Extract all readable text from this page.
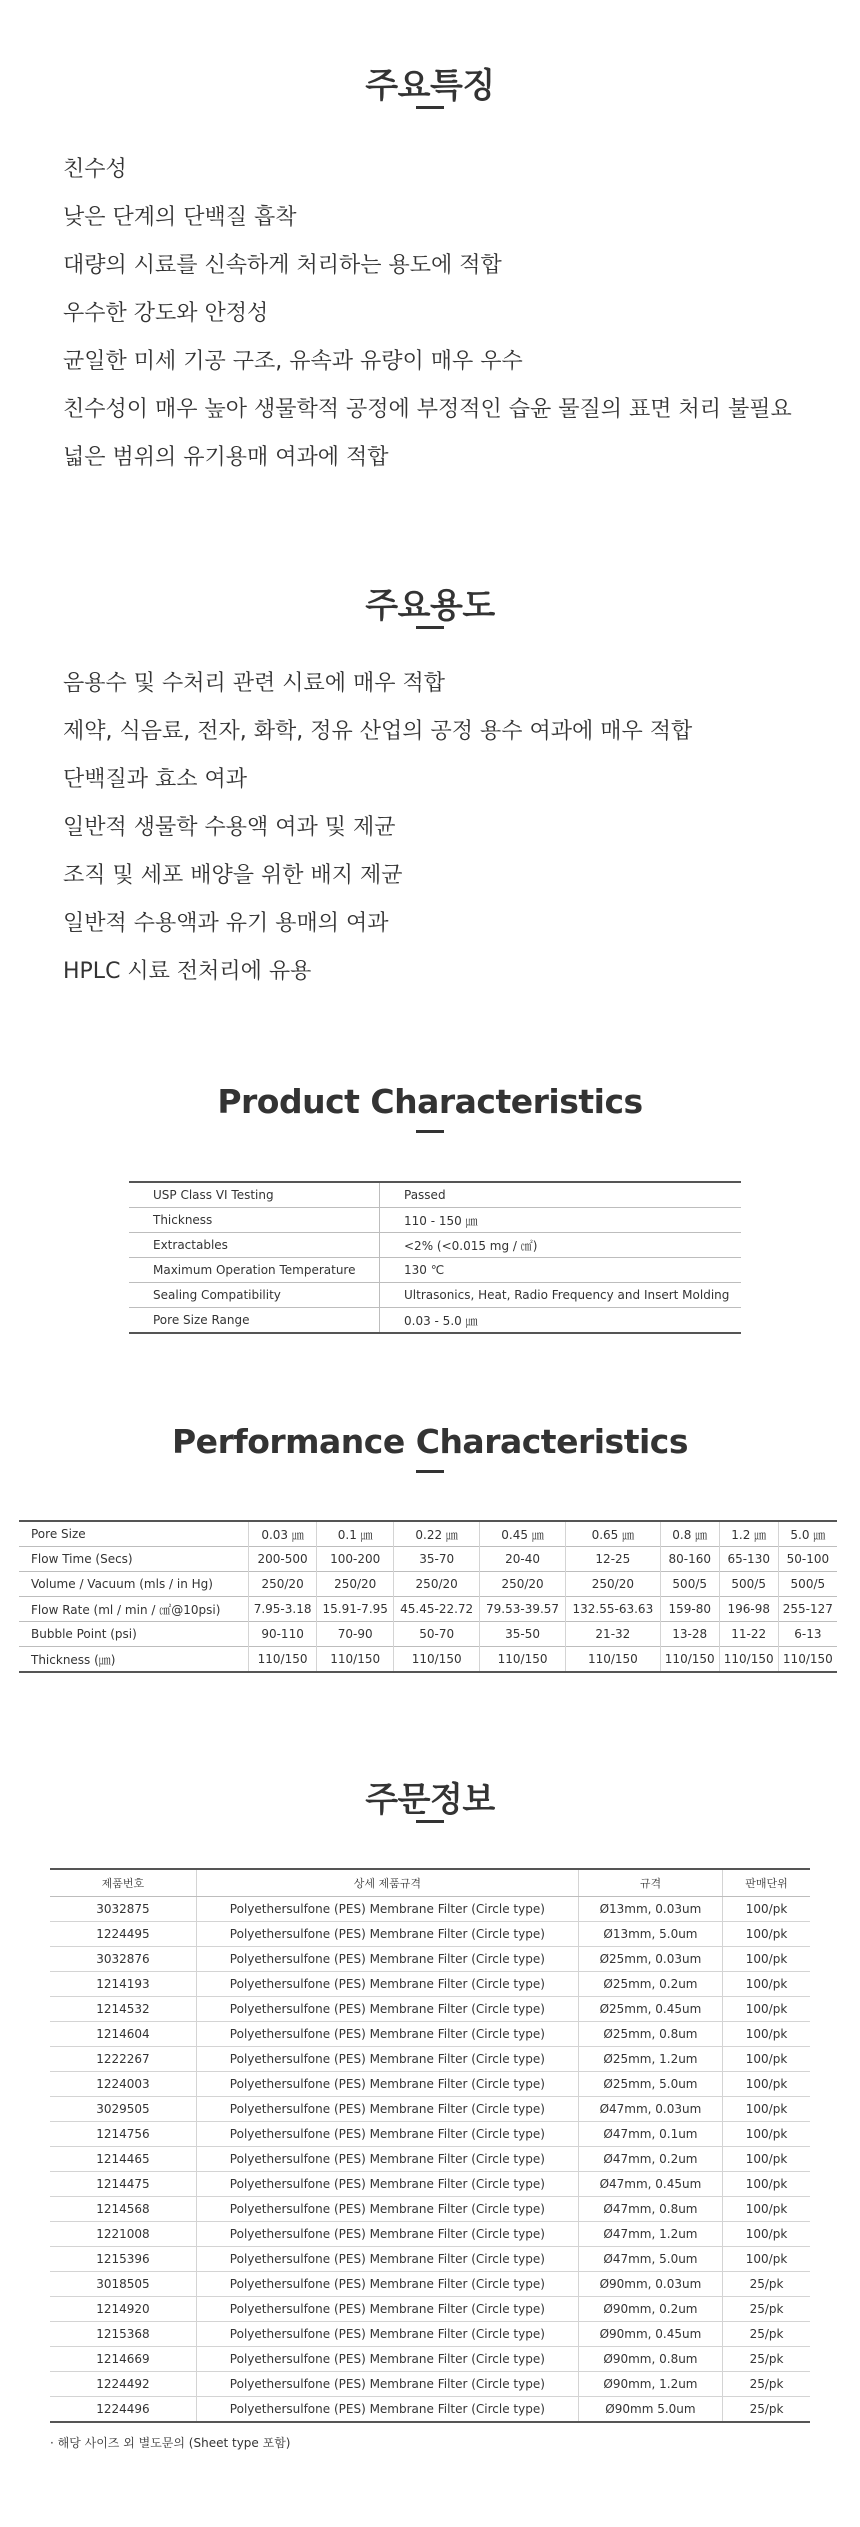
주요특징
친수성
낮은 단계의 단백질 흡착
대량의 시료를 신속하게 처리하는 용도에 적합
우수한 강도와 안정성
균일한 미세 기공 구조, 유속과 유량이 매우 우수
친수성이 매우 높아 생물학적 공정에 부정적인 습윤 물질의 표면 처리 불필요
넓은 범위의 유기용매 여과에 적합
주요용도
음용수 및 수처리 관련 시료에 매우 적합
제약, 식음료, 전자, 화학, 정유 산업의 공정 용수 여과에 매우 적합
단백질과 효소 여과
일반적 생물학 수용액 여과 및 제균
조직 및 세포 배양을 위한 배지 제균
일반적 수용액과 유기 용매의 여과
HPLC 시료 전처리에 유용
Product Characteristics
USP Class VI Testing	Passed
Thickness	110 - 150 ㎛
Extractables	<2% (<0.015 mg / ㎠)
Maximum Operation Temperature	130 ℃
Sealing Compatibility	Ultrasonics, Heat, Radio Frequency and Insert Molding
Pore Size Range	0.03 - 5.0 ㎛
Performance Characteristics
Pore Size	0.03 ㎛	0.1 ㎛	0.22 ㎛	0.45 ㎛	0.65 ㎛	0.8 ㎛	1.2 ㎛	5.0 ㎛
Flow Time (Secs)	200-500	100-200	35-70	20-40	12-25	80-160	65-130	50-100
Volume / Vacuum (mls / in Hg)	250/20	250/20	250/20	250/20	250/20	500/5	500/5	500/5
Flow Rate (ml / min / ㎠@10psi)	7.95-3.18	15.91-7.95	45.45-22.72	79.53-39.57	132.55-63.63	159-80	196-98	255-127
Bubble Point (psi)	90-110	70-90	50-70	35-50	21-32	13-28	11-22	6-13
Thickness (㎛)	110/150	110/150	110/150	110/150	110/150	110/150	110/150	110/150
주문정보
제품번호	상세 제품규격	규격	판매단위
3032875	Polyethersulfone (PES) Membrane Filter (Circle type)	Ø13mm, 0.03um	100/pk
1224495	Polyethersulfone (PES) Membrane Filter (Circle type)	Ø13mm, 5.0um	100/pk
3032876	Polyethersulfone (PES) Membrane Filter (Circle type)	Ø25mm, 0.03um	100/pk
1214193	Polyethersulfone (PES) Membrane Filter (Circle type)	Ø25mm, 0.2um	100/pk
1214532	Polyethersulfone (PES) Membrane Filter (Circle type)	Ø25mm, 0.45um	100/pk
1214604	Polyethersulfone (PES) Membrane Filter (Circle type)	Ø25mm, 0.8um	100/pk
1222267	Polyethersulfone (PES) Membrane Filter (Circle type)	Ø25mm, 1.2um	100/pk
1224003	Polyethersulfone (PES) Membrane Filter (Circle type)	Ø25mm, 5.0um	100/pk
3029505	Polyethersulfone (PES) Membrane Filter (Circle type)	Ø47mm, 0.03um	100/pk
1214756	Polyethersulfone (PES) Membrane Filter (Circle type)	Ø47mm, 0.1um	100/pk
1214465	Polyethersulfone (PES) Membrane Filter (Circle type)	Ø47mm, 0.2um	100/pk
1214475	Polyethersulfone (PES) Membrane Filter (Circle type)	Ø47mm, 0.45um	100/pk
1214568	Polyethersulfone (PES) Membrane Filter (Circle type)	Ø47mm, 0.8um	100/pk
1221008	Polyethersulfone (PES) Membrane Filter (Circle type)	Ø47mm, 1.2um	100/pk
1215396	Polyethersulfone (PES) Membrane Filter (Circle type)	Ø47mm, 5.0um	100/pk
3018505	Polyethersulfone (PES) Membrane Filter (Circle type)	Ø90mm, 0.03um	25/pk
1214920	Polyethersulfone (PES) Membrane Filter (Circle type)	Ø90mm, 0.2um	25/pk
1215368	Polyethersulfone (PES) Membrane Filter (Circle type)	Ø90mm, 0.45um	25/pk
1214669	Polyethersulfone (PES) Membrane Filter (Circle type)	Ø90mm, 0.8um	25/pk
1224492	Polyethersulfone (PES) Membrane Filter (Circle type)	Ø90mm, 1.2um	25/pk
1224496	Polyethersulfone (PES) Membrane Filter (Circle type)	Ø90mm 5.0um	25/pk

· 해당 사이즈 외 별도문의 (Sheet type 포함)
